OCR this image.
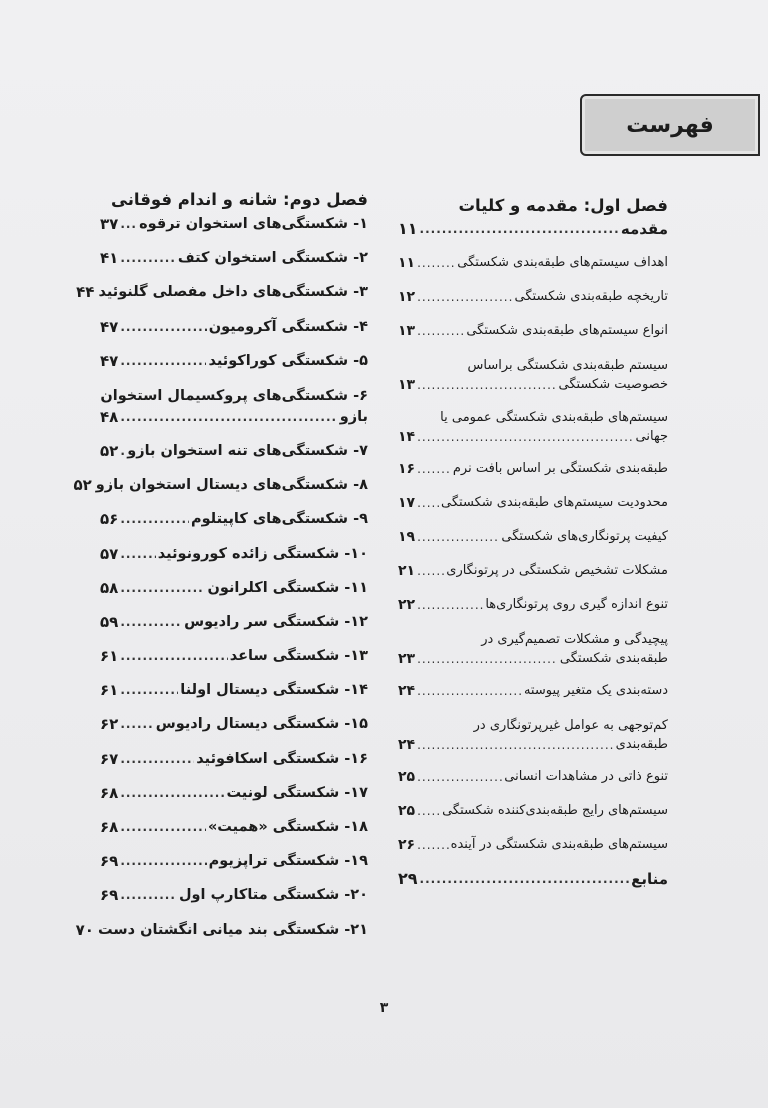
فهرست
فصل اول: مقدمه و کلیات
مقدمه
.....
۱۱
اهداف سیستم‌های طبقه‌بندی شکستگی
.....
۱۱
تاریخچه طبقه‌بندی شکستگی
.....
۱۲
انواع سیستم‌های طبقه‌بندی شکستگی
.....
۱۳
سیستم طبقه‌بندی شکستگی براساس
خصوصیت شکستگی
.....
۱۳
سیستم‌های طبقه‌بندی شکستگی عمومی یا
جهانی
.....
۱۴
طبقه‌بندی شکستگی بر اساس بافت نرم
.....
۱۶
محدودیت سیستم‌های طبقه‌بندی شکستگی
.....
۱۷
کیفیت پرتونگاری‌های شکستگی
.....
۱۹
مشکلات تشخیص شکستگی در پرتونگاری
.....
۲۱
تنوع اندازه گیری روی پرتونگاری‌ها
.....
۲۲
پیچیدگی و مشکلات تصمیم‌گیری در
طبقه‌بندی شکستگی
.....
۲۳
دسته‌بندی یک متغیر پیوسته
.....
۲۴
کم‌توجهی به عوامل غیرپرتونگاری در
طبقه‌بندی
.....
۲۴
تنوع ذاتی در مشاهدات انسانی
.....
۲۵
سیستم‌های رایج طبقه‌بندی‌کننده شکستگی
.....
۲۵
سیستم‌های طبقه‌بندی شکستگی در آینده
.....
۲۶
منابع
.....
۲۹
فصل دوم: شانه و اندام فوقانی
۱- شکستگی‌های استخوان ترقوه
.....
۳۷
۲- شکستگی استخوان کتف
.....
۴۱
۳- شکستگی‌های داخل مفصلی گلنوئید
۴۴
۴- شکستگی آکرومیون
.....
۴۷
۵- شکستگی کوراکوئید
.....
۴۷
۶- شکستگی‌های پروکسیمال استخوان
بازو
.....
۴۸
۷- شکستگی‌های تنه استخوان بازو
.....
۵۲
۸- شکستگی‌های دیستال استخوان بازو
۵۲
۹- شکستگی‌های کاپیتلوم
.....
۵۶
۱۰- شکستگی زائده کورونوئید
.....
۵۷
۱۱- شکستگی اکلرانون
.....
۵۸
۱۲- شکستگی سر رادیوس
.....
۵۹
۱۳- شکستگی ساعد
.....
۶۱
۱۴- شکستگی دیستال اولنا
.....
۶۱
۱۵- شکستگی دیستال رادیوس
.....
۶۲
۱۶- شکستگی اسکافوئید
.....
۶۷
۱۷- شکستگی لونیت
.....
۶۸
۱۸- شکستگی «همیت»
.....
۶۸
۱۹- شکستگی تراپزیوم
.....
۶۹
۲۰- شکستگی متاکارپ اول
.....
۶۹
۲۱- شکستگی بند میانی انگشتان دست
۷۰
۳
